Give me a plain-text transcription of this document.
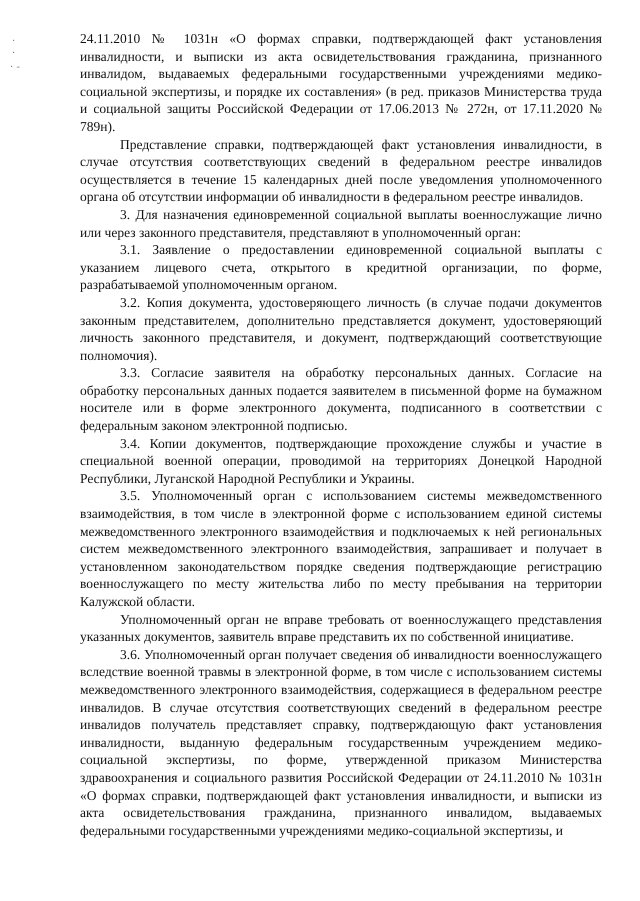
·
·
· -

24.11.2010 № 1031н «О формах справки, подтверждающей факт установления инвалидности, и выписки из акта освидетельствования гражданина, признанного инвалидом, выдаваемых федеральными государственными учреждениями медико-социальной экспертизы, и порядке их составления» (в ред. приказов Министерства труда и социальной защиты Российской Федерации от 17.06.2013 № 272н, от 17.11.2020 № 789н).

Представление справки, подтверждающей факт установления инвалидности, в случае отсутствия соответствующих сведений в федеральном реестре инвалидов осуществляется в течение 15 календарных дней после уведомления уполномоченного органа об отсутствии информации об инвалидности в федеральном реестре инвалидов.

3. Для назначения единовременной социальной выплаты военнослужащие лично или через законного представителя, представляют в уполномоченный орган:

3.1. Заявление о предоставлении единовременной социальной выплаты с указанием лицевого счета, открытого в кредитной организации, по форме, разрабатываемой уполномоченным органом.

3.2. Копия документа, удостоверяющего личность (в случае подачи документов законным представителем, дополнительно представляется документ, удостоверяющий личность законного представителя, и документ, подтверждающий соответствующие полномочия).

3.3. Согласие заявителя на обработку персональных данных. Согласие на обработку персональных данных подается заявителем в письменной форме на бумажном носителе или в форме электронного документа, подписанного в соответствии с федеральным законом электронной подписью.

3.4. Копии документов, подтверждающие прохождение службы и участие в специальной военной операции, проводимой на территориях Донецкой Народной Республики, Луганской Народной Республики и Украины.

3.5. Уполномоченный орган с использованием системы межведомственного взаимодействия, в том числе в электронной форме с использованием единой системы межведомственного электронного взаимодействия и подключаемых к ней региональных систем межведомственного электронного взаимодействия, запрашивает и получает в установленном законодательством порядке сведения подтверждающие регистрацию военнослужащего по месту жительства либо по месту пребывания на территории Калужской области.

Уполномоченный орган не вправе требовать от военнослужащего представления указанных документов, заявитель вправе представить их по собственной инициативе.

3.6. Уполномоченный орган получает сведения об инвалидности военнослужащего вследствие военной травмы в электронной форме, в том числе с использованием системы межведомственного электронного взаимодействия, содержащиеся в федеральном реестре инвалидов. В случае отсутствия соответствующих сведений в федеральном реестре инвалидов получатель представляет справку, подтверждающую факт установления инвалидности, выданную федеральным государственным учреждением медико-социальной экспертизы, по форме, утвержденной приказом Министерства здравоохранения и социального развития Российской Федерации от 24.11.2010 № 1031н «О формах справки, подтверждающей факт установления инвалидности, и выписки из акта освидетельствования гражданина, признанного инвалидом, выдаваемых федеральными государственными учреждениями медико-социальной экспертизы, и
